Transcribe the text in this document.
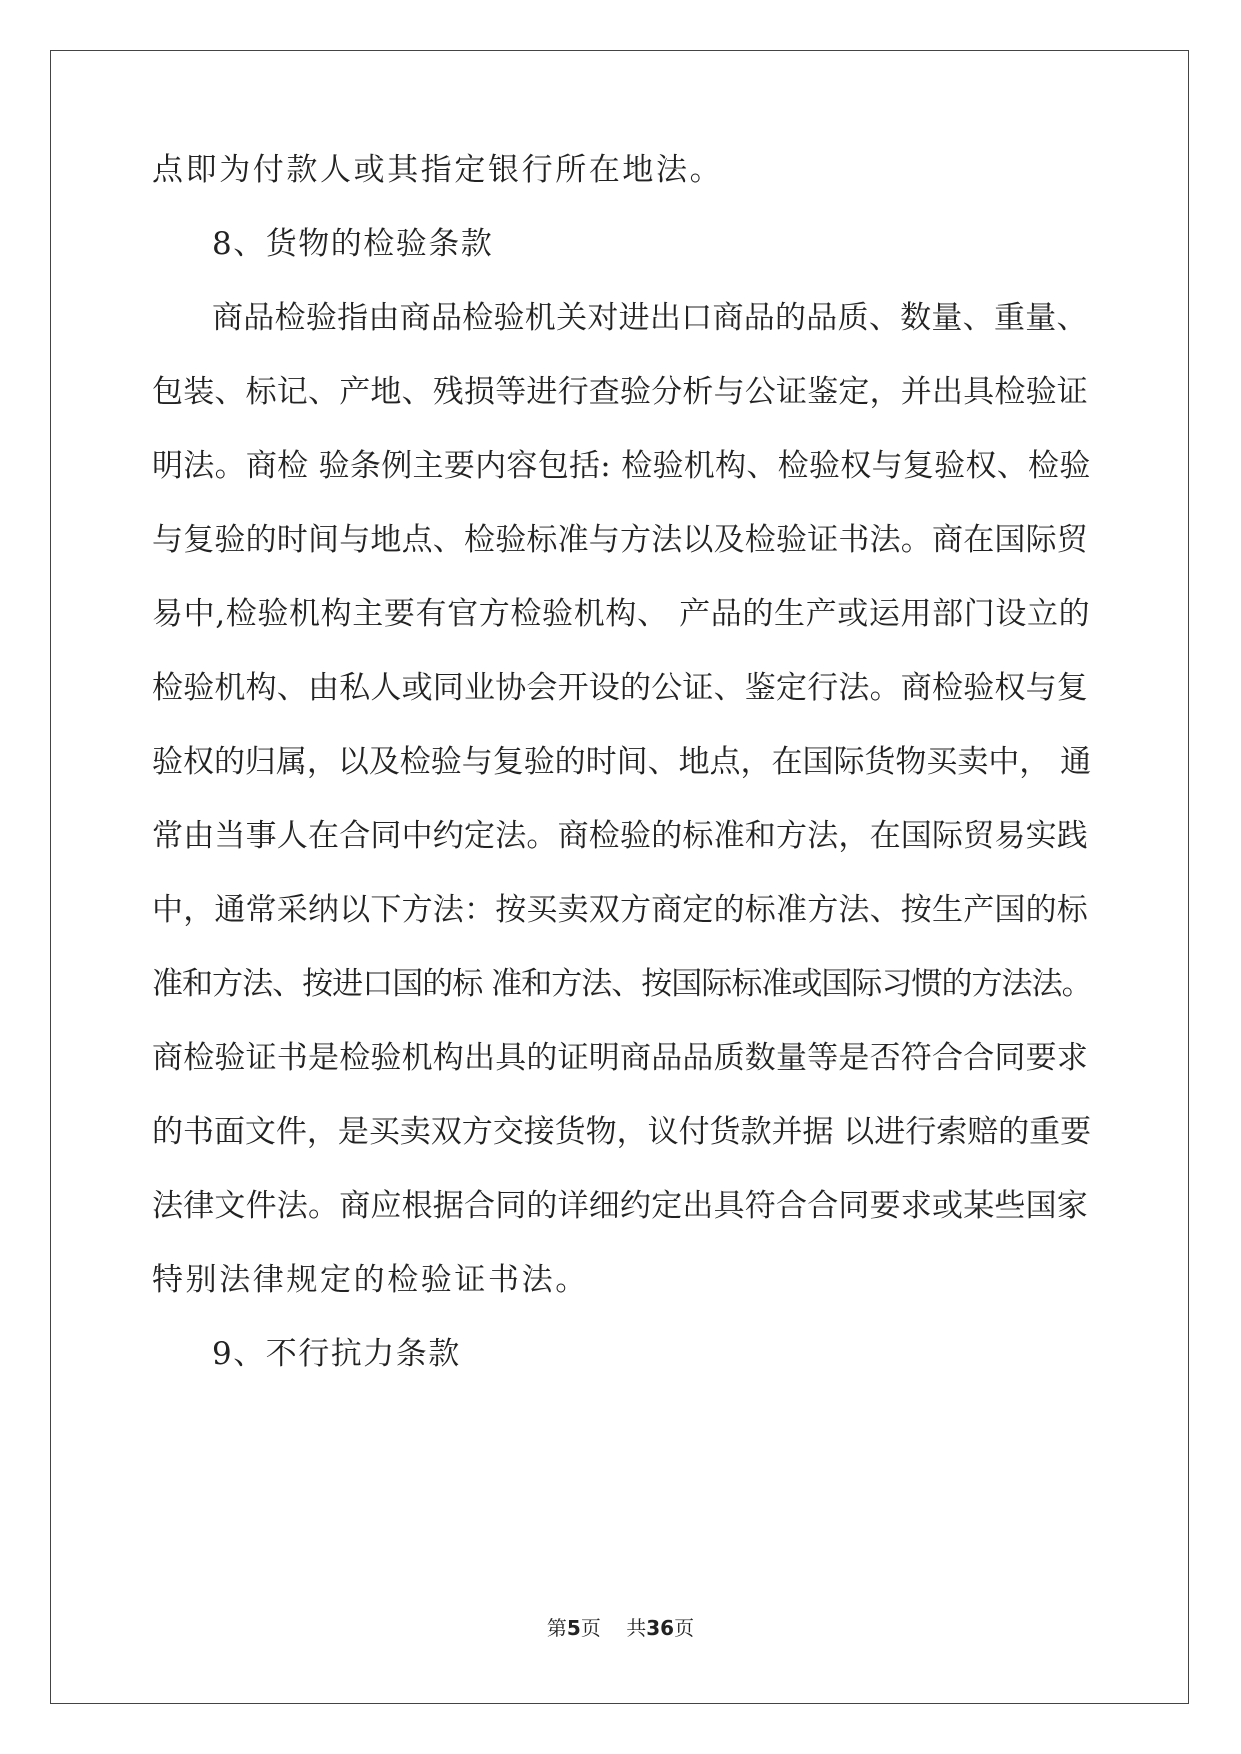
点即为付款人或其指定银行所在地法。
8、货物的检验条款
商品检验指由商品检验机关对进出口商品的品质、数量、重量、
包装、标记、产地、残损等进行查验分析与公证鉴定，并出具检验证
明法。商检 验条例主要内容包括: 检验机构、检验权与复验权、检验
与复验的时间与地点、检验标准与方法以及检验证书法。商在国际贸
易中,检验机构主要有官方检验机构、 产品的生产或运用部门设立的
检验机构、由私人或同业协会开设的公证、鉴定行法。商检验权与复
验权的归属，以及检验与复验的时间、地点，在国际货物买卖中， 通
常由当事人在合同中约定法。商检验的标准和方法，在国际贸易实践
中，通常采纳以下方法：按买卖双方商定的标准方法、按生产国的标
准和方法、按进口国的标 准和方法、按国际标准或国际习惯的方法法。
商检验证书是检验机构出具的证明商品品质数量等是否符合合同要求
的书面文件，是买卖双方交接货物，议付货款并据 以进行索赔的重要
法律文件法。商应根据合同的详细约定出具符合合同要求或某些国家
特别法律规定的检验证书法。
9、不行抗力条款
第5页 共36页
